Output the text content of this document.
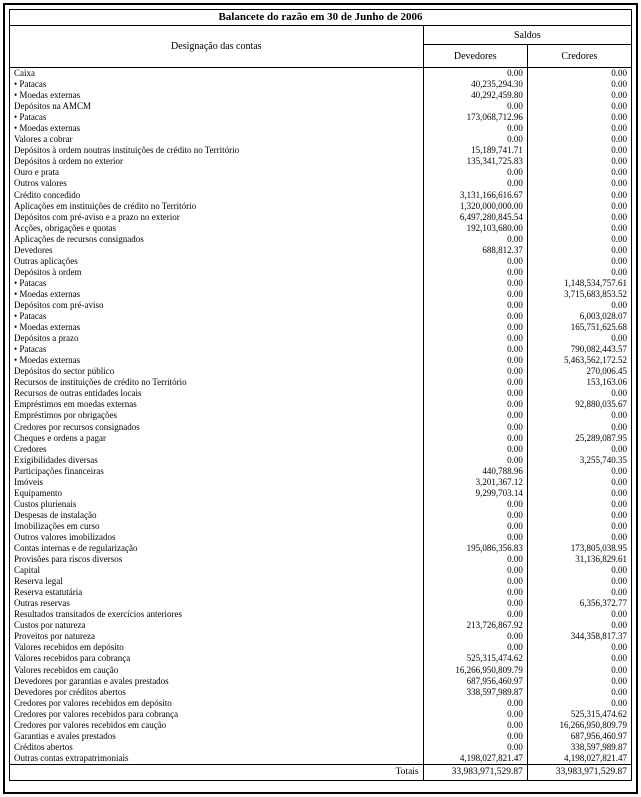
Balancete do razão em 30 de Junho de 2006
Designação das contas	Saldos	
	Devedores	Credores
Caixa	0.00	0.00
• Patacas	40,235,294.30	0.00
• Moedas externas	40,292,459.80	0.00
Depósitos na AMCM	0.00	0.00
• Patacas	173,068,712.96	0.00
• Moedas externas	0.00	0.00
Valores a cobrar	0.00	0.00
Depósitos à ordem noutras instituições de crédito no Território	15,189,741.71	0.00
Depósitos à ordem no exterior	135,341,725.83	0.00
Ouro e prata	0.00	0.00
Outros valores	0.00	0.00
Crédito concedido	3,131,166,616.67	0.00
Aplicações em instituições de crédito no Território	1,320,000,000.00	0.00
Depósitos com pré-aviso e a prazo no exterior	6,497,280,845.54	0.00
Acções, obrigações e quotas	192,103,680.00	0.00
Aplicações de recursos consignados	0.00	0.00
Devedores	688,812.37	0.00
Outras aplicações	0.00	0.00
Depósitos à ordem	0.00	0.00
• Patacas	0.00	1,148,534,757.61
• Moedas externas	0.00	3,715,683,853.52
Depósitos com pré-aviso	0.00	0.00
• Patacas	0.00	6,003,028.07
• Moedas externas	0.00	165,751,625.68
Depósitos a prazo	0.00	0.00
• Patacas	0.00	790,082,443.57
• Moedas externas	0.00	5,463,562,172.52
Depósitos do sector público	0.00	270,006.45
Recursos de instituições de crédito no Território	0.00	153,163.06
Recursos de outras entidades locais	0.00	0.00
Empréstimos em moedas externas	0.00	92,880,035.67
Empréstimos por obrigações	0.00	0.00
Credores por recursos consignados	0.00	0.00
Cheques e ordens a pagar	0.00	25,289,087.95
Credores	0.00	0.00
Exigibilidades diversas	0.00	3,255,740.35
Participações financeiras	440,788.96	0.00
Imóveis	3,201,367.12	0.00
Equipamento	9,299,703.14	0.00
Custos plurienais	0.00	0.00
Despesas de instalação	0.00	0.00
Imobilizações em curso	0.00	0.00
Outros valores imobilizados	0.00	0.00
Contas internas e de regularização	195,086,356.83	173,805,038.95
Provisões para riscos diversos	0.00	31,136,829.61
Capital	0.00	0.00
Reserva legal	0.00	0.00
Reserva estatutária	0.00	0.00
Outras reservas	0.00	6,356,372.77
Resultados transitados de exercícios anteriores	0.00	0.00
Custos por natureza	213,726,867.92	0.00
Proveitos por natureza	0.00	344,358,817.37
Valores recebidos em depósito	0.00	0.00
Valores recebidos para cobrança	525,315,474.62	0.00
Valores recebidos em caução	16,266,950,809.79	0.00
Devedores por garantias e avales prestados	687,956,460.97	0.00
Devedores por créditos abertos	338,597,989.87	0.00
Credores por valores recebidos em depósito	0.00	0.00
Credores por valores recebidos para cobrança	0.00	525,315,474.62
Credores por valores recebidos em caução	0.00	16,266,950,809.79
Garantias e avales prestados	0.00	687,956,460.97
Créditos abertos	0.00	338,597,989.87
Outras contas extrapatrimoniais	4,198,027,821.47	4,198,027,821.47
Totais	33,983,971,529.87	33,983,971,529.87
